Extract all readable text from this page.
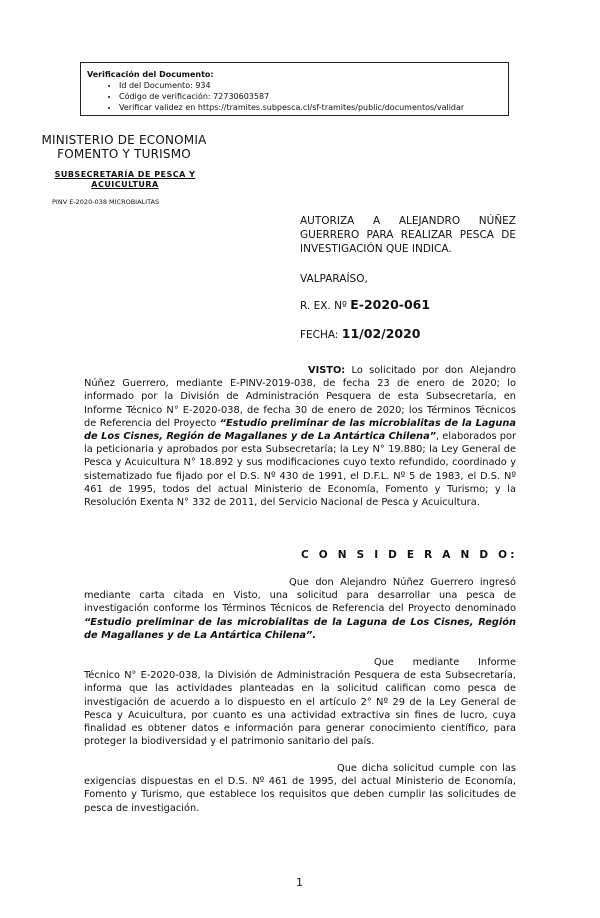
Verificación del Documento:
• Id del Documento: 934
• Código de verificación: 72730603587
• Verificar validez en https://tramites.subpesca.cl/sf-tramites/public/documentos/validar
MINISTERIO DE ECONOMIA
FOMENTO Y TURISMO
SUBSECRETARÍA DE PESCA Y
ACUICULTURA
PINV E-2020-038 MICROBIALITAS
AUTORIZA A ALEJANDRO NÚÑEZ GUERRERO PARA REALIZAR PESCA DE INVESTIGACIÓN QUE INDICA.
VALPARAÍSO,
R. EX. Nº E-2020-061
FECHA: 11/02/2020
VISTO: Lo solicitado por don Alejandro Núñez Guerrero, mediante E-PINV-2019-038, de fecha 23 de enero de 2020; lo informado por la División de Administración Pesquera de esta Subsecretaría, en Informe Técnico N° E-2020-038, de fecha 30 de enero de 2020; los Términos Técnicos de Referencia del Proyecto “Estudio preliminar de las microbialitas de la Laguna de Los Cisnes, Región de Magallanes y de La Antártica Chilena”, elaborados por la peticionaria y aprobados por esta Subsecretaría; la Ley N° 19.880; la Ley General de Pesca y Acuicultura N° 18.892 y sus modificaciones cuyo texto refundido, coordinado y sistematizado fue fijado por el D.S. Nº 430 de 1991, el D.F.L. Nº 5 de 1983, el D.S. Nº 461 de 1995, todos del actual Ministerio de Economía, Fomento y Turismo; y la Resolución Exenta N° 332 de 2011, del Servicio Nacional de Pesca y Acuicultura.
C O N S I D E R A N D O:
Que don Alejandro Núñez Guerrero ingresó mediante carta citada en Visto, una solicitud para desarrollar una pesca de investigación conforme los Términos Técnicos de Referencia del Proyecto denominado “Estudio preliminar de las microbialitas de la Laguna de Los Cisnes, Región de Magallanes y de La Antártica Chilena”.
Que mediante Informe Técnico N° E-2020-038, la División de Administración Pesquera de esta Subsecretaría, informa que las actividades planteadas en la solicitud califican como pesca de investigación de acuerdo a lo dispuesto en el artículo 2° Nº 29 de la Ley General de Pesca y Acuicultura, por cuanto es una actividad extractiva sin fines de lucro, cuya finalidad es obtener datos e información para generar conocimiento científico, para proteger la biodiversidad y el patrimonio sanitario del país.
Que dicha solicitud cumple con las exigencias dispuestas en el D.S. Nº 461 de 1995, del actual Ministerio de Economía, Fomento y Turismo, que establece los requisitos que deben cumplir las solicitudes de pesca de investigación.
1
